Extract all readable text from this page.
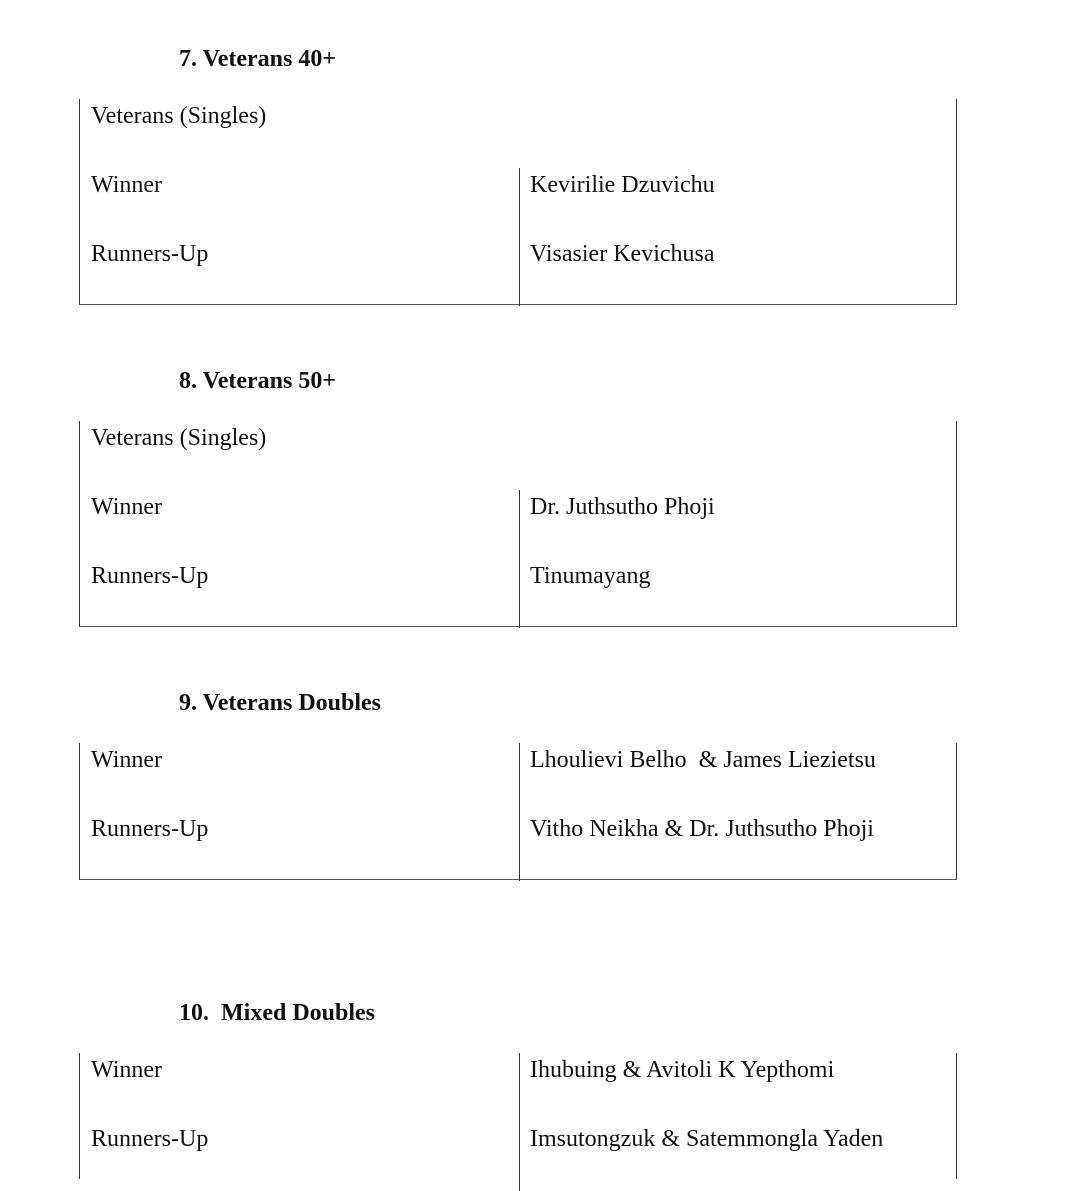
7. Veterans 40+
Veterans (Singles)
Winner	Kevirilie Dzuvichu
Runners-Up	Visasier Kevichusa
8. Veterans 50+
Veterans (Singles)
Winner	Dr. Juthsutho Phoji
Runners-Up	Tinumayang
9. Veterans Doubles
Winner	Lhoulievi Belho  & James Liezietsu
Runners-Up	Vitho Neikha & Dr. Juthsutho Phoji
10.  Mixed Doubles
Winner	Ihubuing & Avitoli K Yepthomi
Runners-Up	Imsutongzuk & Satemmongla Yaden
